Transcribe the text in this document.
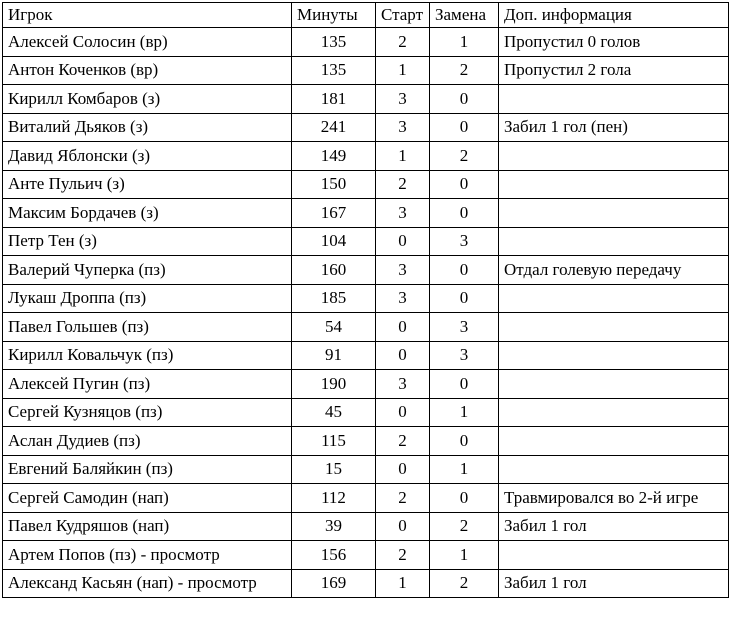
Игрок	Минуты	Старт	Замена	Доп. информация
Алексей Солосин (вр)	135	2	1	Пропустил 0 голов
Антон Коченков (вр)	135	1	2	Пропустил 2 гола
Кирилл Комбаров (з)	181	3	0	
Виталий Дьяков (з)	241	3	0	Забил 1 гол (пен)
Давид Яблонски (з)	149	1	2	
Анте Пульич (з)	150	2	0	
Максим Бордачев (з)	167	3	0	
Петр Тен (з)	104	0	3	
Валерий Чуперка (пз)	160	3	0	Отдал голевую передачу
Лукаш Дроппа (пз)	185	3	0	
Павел Гольшев (пз)	54	0	3	
Кирилл Ковальчук (пз)	91	0	3	
Алексей Пугин (пз)	190	3	0	
Сергей Кузняцов (пз)	45	0	1	
Аслан Дудиев (пз)	115	2	0	
Евгений Баляйкин (пз)	15	0	1	
Сергей Самодин (нап)	112	2	0	Травмировался во 2-й игре
Павел Кудряшов (нап)	39	0	2	Забил 1 гол
Артем Попов (пз) - просмотр	156	2	1	
Александ Касьян (нап) - просмотр	169	1	2	Забил 1 гол
